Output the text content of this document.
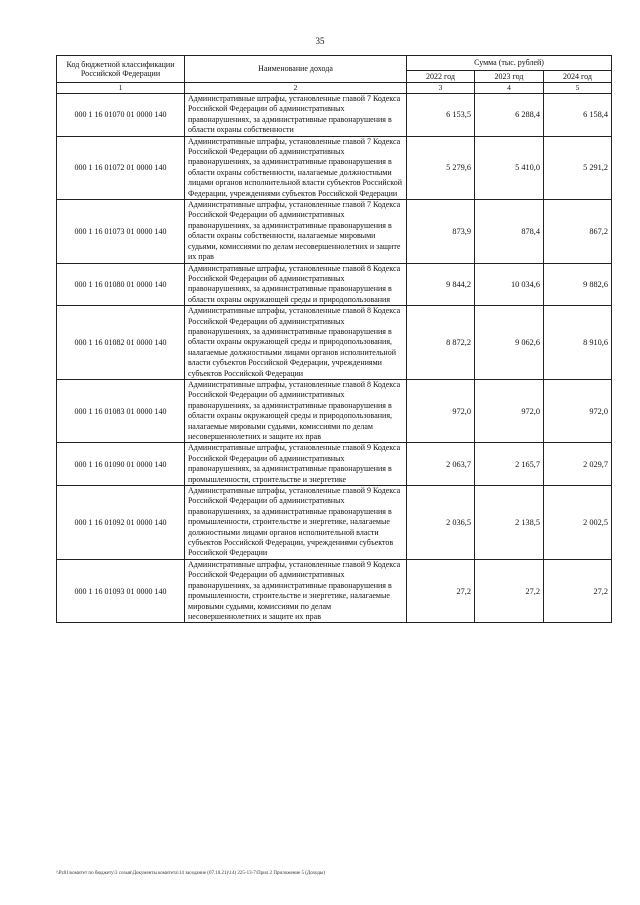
35
Код бюджетной классификации Российской Федерации	Наименование дохода	Сумма (тыс. рублей)		
		2022 год	2023 год	2024 год
1	2	3	4	5
000 1 16 01070 01 0000 140	Административные штрафы, установленные главой 7 Кодекса Российской Федерации об административных правонарушениях, за административные правонарушения в области охраны собственности	6 153,5	6 288,4	6 158,4
000 1 16 01072 01 0000 140	Административные штрафы, установленные главой 7 Кодекса Российской Федерации об административных правонарушениях, за административные правонарушения в области охраны собственности, налагаемые должностными лицами органов исполнительной власти субъектов Российской Федерации, учреждениями субъектов Российской Федерации	5 279,6	5 410,0	5 291,2
000 1 16 01073 01 0000 140	Административные штрафы, установленные главой 7 Кодекса Российской Федерации об административных правонарушениях, за административные правонарушения в области охраны собственности, налагаемые мировыми судьями, комиссиями по делам несовершеннолетних и защите их прав	873,9	878,4	867,2
000 1 16 01080 01 0000 140	Административные штрафы, установленные главой 8 Кодекса Российской Федерации об административных правонарушениях, за административные правонарушения в области охраны окружающей среды и природопользования	9 844,2	10 034,6	9 882,6
000 1 16 01082 01 0000 140	Административные штрафы, установленные главой 8 Кодекса Российской Федерации об административных правонарушениях, за административные правонарушения в области охраны окружающей среды и природопользования, налагаемые должностными лицами органов исполнительной власти субъектов Российской Федерации, учреждениями субъектов Российской Федерации	8 872,2	9 062,6	8 910,6
000 1 16 01083 01 0000 140	Административные штрафы, установленные главой 8 Кодекса Российской Федерации об административных правонарушениях, за административные правонарушения в области охраны окружающей среды и природопользования, налагаемые мировыми судьями, комиссиями по делам несовершеннолетних и защите их прав	972,0	972,0	972,0
000 1 16 01090 01 0000 140	Административные штрафы, установленные главой 9 Кодекса Российской Федерации об административных правонарушениях, за административные правонарушения в промышленности, строительстве и энергетике	2 063,7	2 165,7	2 029,7
000 1 16 01092 01 0000 140	Административные штрафы, установленные главой 9 Кодекса Российской Федерации об административных правонарушениях, за административные правонарушения в промышленности, строительстве и энергетике, налагаемые должностными лицами органов исполнительной власти субъектов Российской Федерации, учреждениями субъектов Российской Федерации	2 036,5	2 138,5	2 002,5
000 1 16 01093 01 0000 140	Административные штрафы, установленные главой 9 Кодекса Российской Федерации об административных правонарушениях, за административные правонарушения в промышленности, строительстве и энергетике, налагаемые мировыми судьями, комиссиями по делам несовершеннолетних и защите их прав	27,2	27,2	27,2
\\Pz01\комитет по бюджету\3 созыв\Документы комитета\14 заседание (07.10.21)\14) 225-13-7\Прил 2 Приложение 5 (Доходы)
